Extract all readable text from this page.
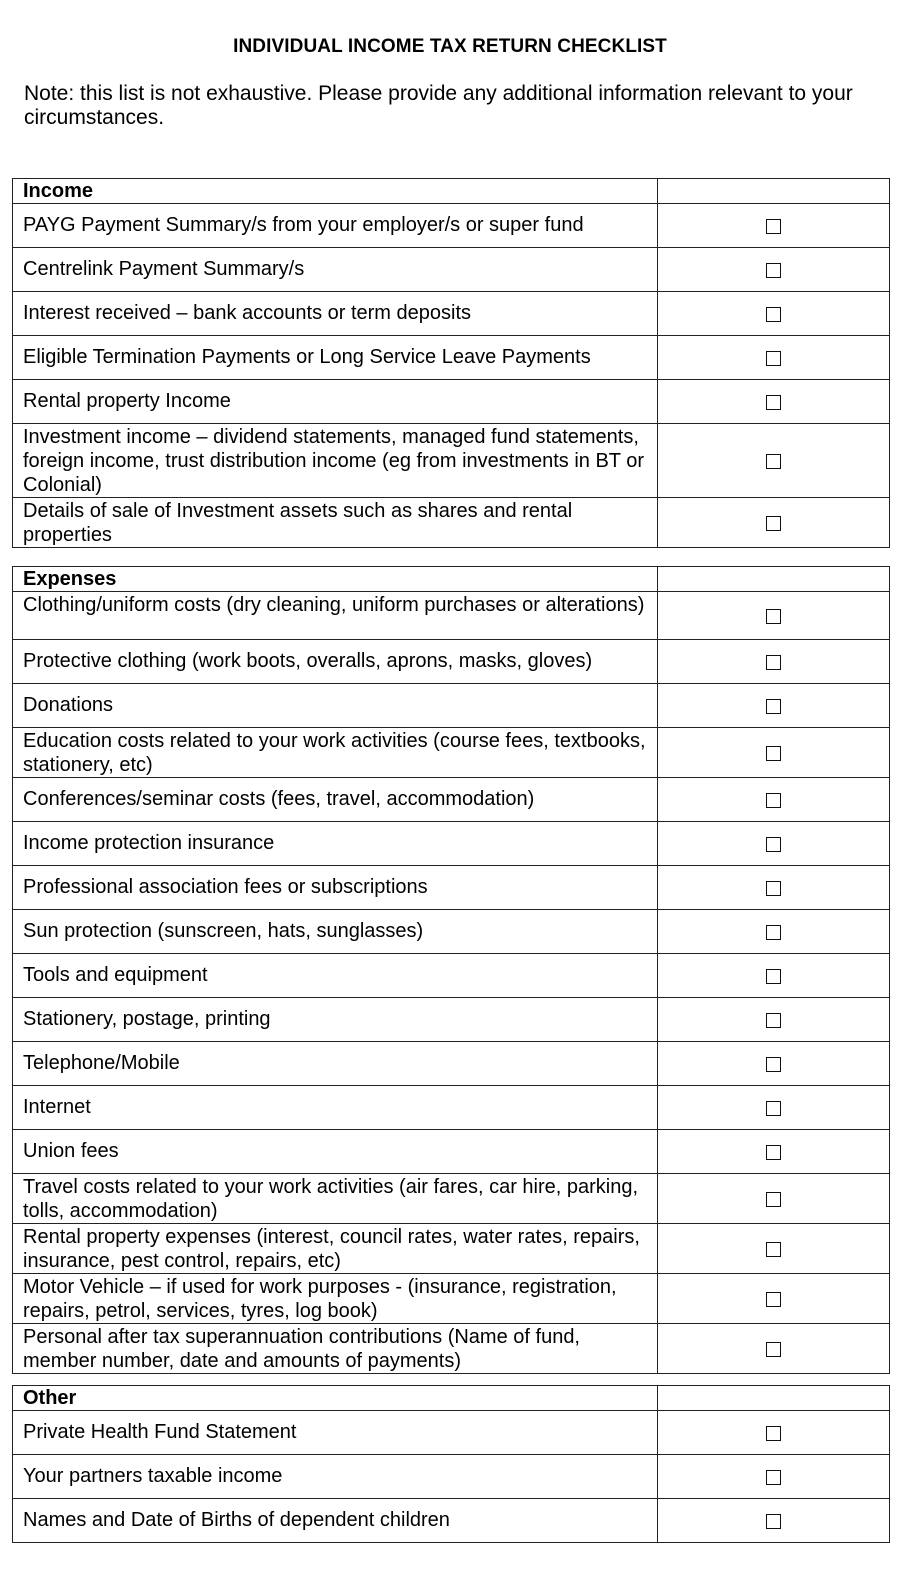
INDIVIDUAL INCOME TAX RETURN CHECKLIST
Note: this list is not exhaustive. Please provide any additional information relevant to your circumstances.
Income	
PAYG Payment Summary/s from your employer/s or super fund	
Centrelink Payment Summary/s	
Interest received – bank accounts or term deposits	
Eligible Termination Payments or Long Service Leave Payments	
Rental property Income	
Investment income – dividend statements, managed fund statements, foreign income, trust distribution income (eg from investments in BT or Colonial)	
Details of sale of Investment assets such as shares and rental properties	
Expenses	
Clothing/uniform costs (dry cleaning, uniform purchases or alterations)	
Protective clothing (work boots, overalls, aprons, masks, gloves)	
Donations	
Education costs related to your work activities (course fees, textbooks, stationery, etc)	
Conferences/seminar costs (fees, travel, accommodation)	
Income protection insurance	
Professional association fees or subscriptions	
Sun protection (sunscreen, hats, sunglasses)	
Tools and equipment	
Stationery, postage, printing	
Telephone/Mobile	
Internet	
Union fees	
Travel costs related to your work activities (air fares, car hire, parking, tolls, accommodation)	
Rental property expenses (interest, council rates, water rates, repairs, insurance, pest control, repairs, etc)	
Motor Vehicle – if used for work purposes - (insurance, registration, repairs, petrol, services, tyres, log book)	
Personal after tax superannuation contributions (Name of fund, member number, date and amounts of payments)	
Other	
Private Health Fund Statement	
Your partners taxable income	
Names and Date of Births of dependent children	
